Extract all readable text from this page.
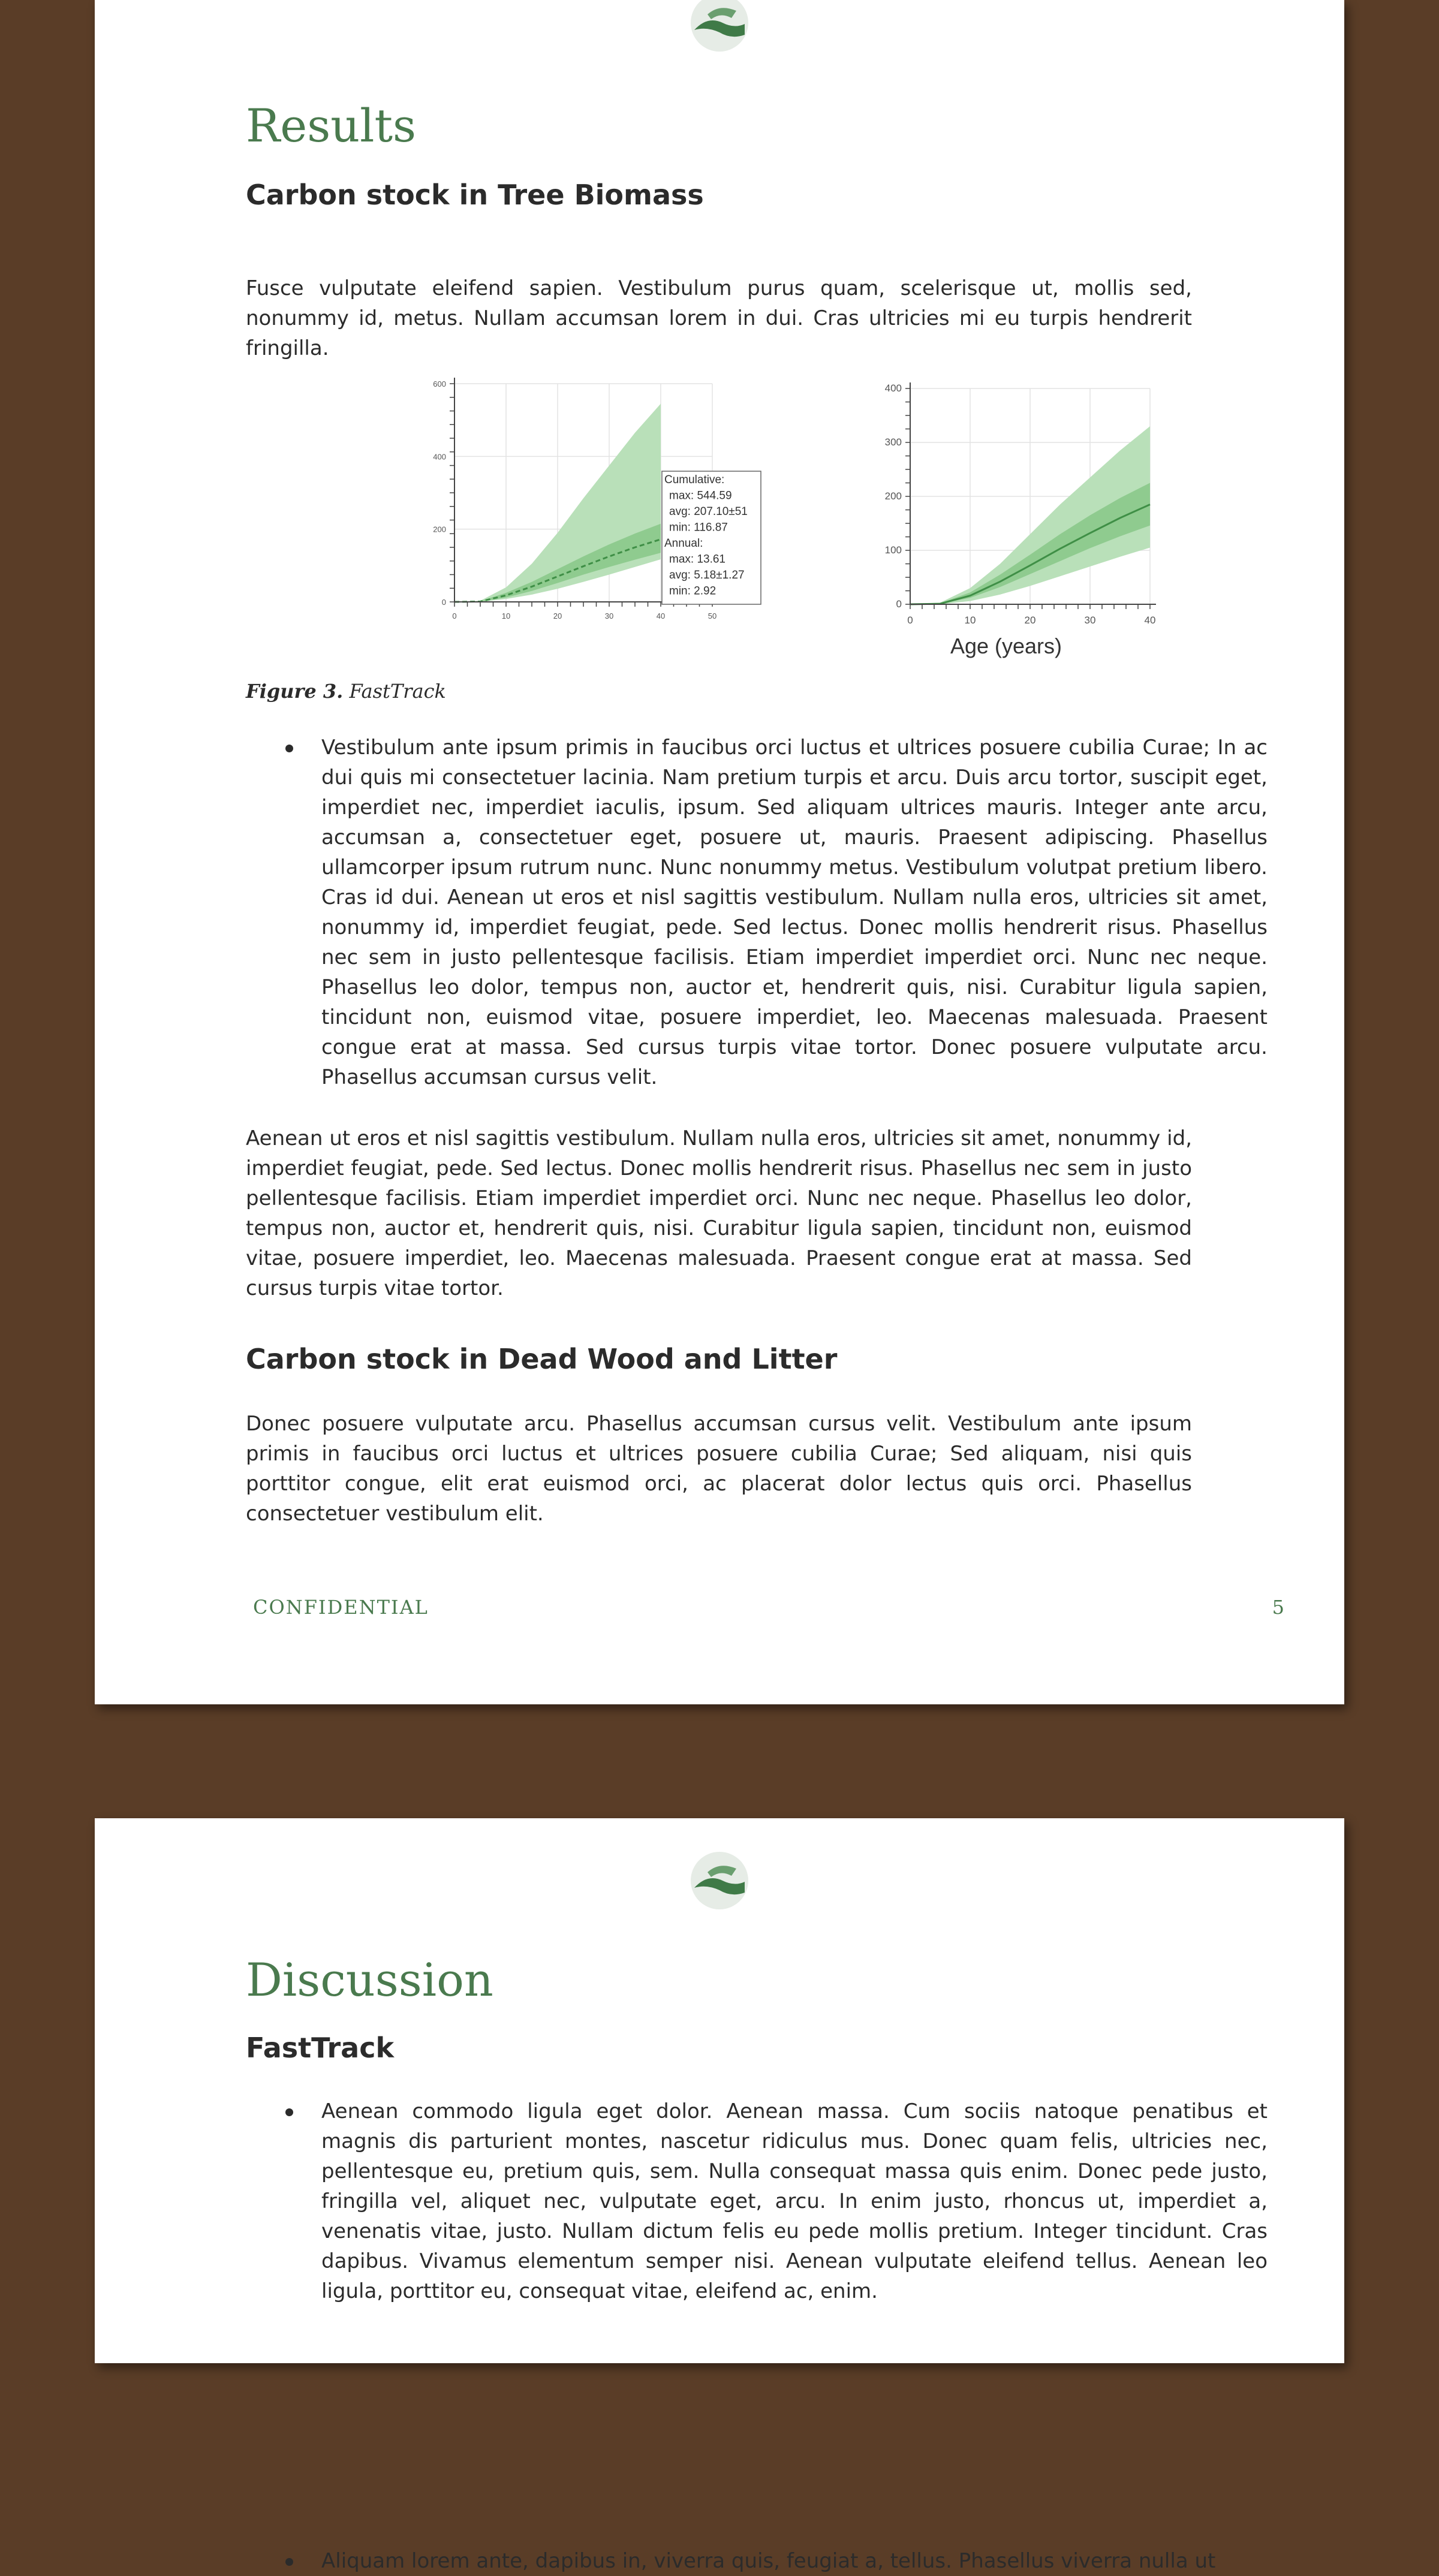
Results
Carbon stock in Tree Biomass

Fusce vulputate eleifend sapien. Vestibulum purus quam, scelerisque ut, mollis sed, nonummy id, metus. Nullam accumsan lorem in dui. Cras ultricies mi eu turpis hendrerit fringilla.

0	10	20	30	40	50
0
200
400
600
Cumulative:
max: 544.59
avg: 207.10±51
min: 116.87
Annual:
max: 13.61
avg: 5.18±1.27
min: 2.92
0	10	20	30	40
0
100
200
300
400
Age (years)
Figure 3. FastTrack

Vestibulum ante ipsum primis in faucibus orci luctus et ultrices posuere cubilia Curae; In ac dui quis mi consectetuer lacinia. Nam pretium turpis et arcu. Duis arcu tortor, suscipit eget, imperdiet nec, imperdiet iaculis, ipsum. Sed aliquam ultrices mauris. Integer ante arcu, accumsan a, consectetuer eget, posuere ut, mauris. Praesent adipiscing. Phasellus ullamcorper ipsum rutrum nunc. Nunc nonummy metus. Vestibulum volutpat pretium libero. Cras id dui. Aenean ut eros et nisl sagittis vestibulum. Nullam nulla eros, ultricies sit amet, nonummy id, imperdiet feugiat, pede. Sed lectus. Donec mollis hendrerit risus. Phasellus nec sem in justo pellentesque facilisis. Etiam imperdiet imperdiet orci. Nunc nec neque. Phasellus leo dolor, tempus non, auctor et, hendrerit quis, nisi. Curabitur ligula sapien, tincidunt non, euismod vitae, posuere imperdiet, leo. Maecenas malesuada. Praesent congue erat at massa. Sed cursus turpis vitae tortor. Donec posuere vulputate arcu. Phasellus accumsan cursus velit.

Aenean ut eros et nisl sagittis vestibulum. Nullam nulla eros, ultricies sit amet, nonummy id, imperdiet feugiat, pede. Sed lectus. Donec mollis hendrerit risus. Phasellus nec sem in justo pellentesque facilisis. Etiam imperdiet imperdiet orci. Nunc nec neque. Phasellus leo dolor, tempus non, auctor et, hendrerit quis, nisi. Curabitur ligula sapien, tincidunt non, euismod vitae, posuere imperdiet, leo. Maecenas malesuada. Praesent congue erat at massa. Sed cursus turpis vitae tortor.

Carbon stock in Dead Wood and Litter

Donec posuere vulputate arcu. Phasellus accumsan cursus velit. Vestibulum ante ipsum primis in faucibus orci luctus et ultrices posuere cubilia Curae; Sed aliquam, nisi quis porttitor congue, elit erat euismod orci, ac placerat dolor lectus quis orci. Phasellus consectetuer vestibulum elit.

CONFIDENTIAL	5
Discussion
FastTrack

Aenean commodo ligula eget dolor. Aenean massa. Cum sociis natoque penatibus et magnis dis parturient montes, nascetur ridiculus mus. Donec quam felis, ultricies nec, pellentesque eu, pretium quis, sem. Nulla consequat massa quis enim. Donec pede justo, fringilla vel, aliquet nec, vulputate eget, arcu. In enim justo, rhoncus ut, imperdiet a, venenatis vitae, justo. Nullam dictum felis eu pede mollis pretium. Integer tincidunt. Cras dapibus. Vivamus elementum semper nisi. Aenean vulputate eleifend tellus. Aenean leo ligula, porttitor eu, consequat vitae, eleifend ac, enim.

Aliquam lorem ante, dapibus in, viverra quis, feugiat a, tellus. Phasellus viverra nulla ut
